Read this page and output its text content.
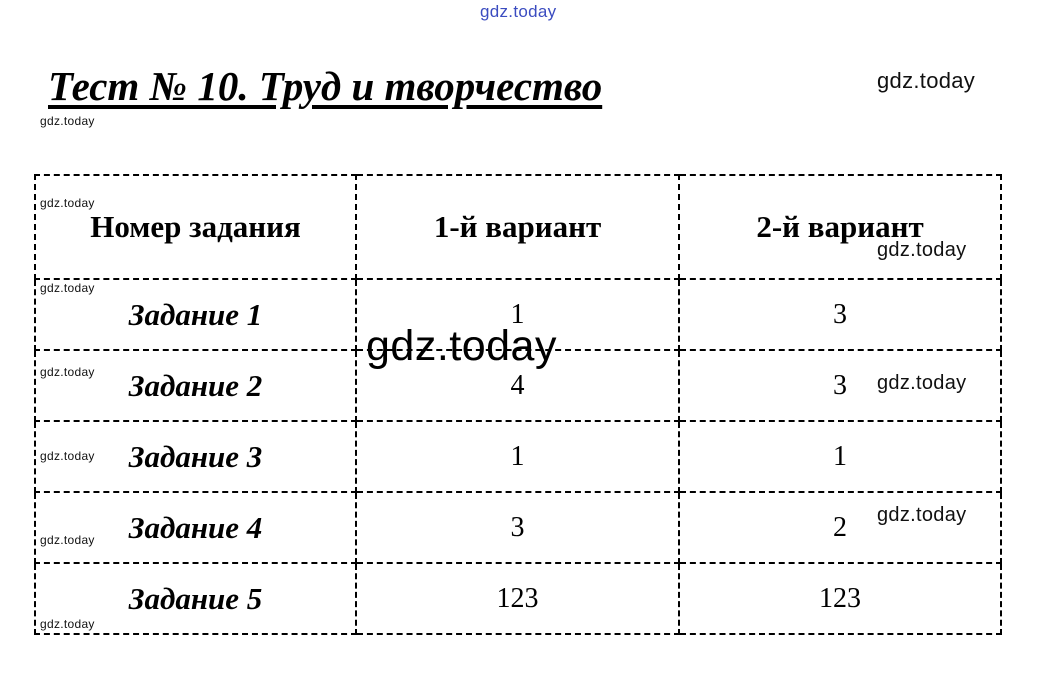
gdz.today
Тест № 10. Труд и творчество	gdz.today
gdz.today
Номер задания	1-й вариант	2-й вариант
Задание 1	1	3
Задание 2	4	3
Задание 3	1	1
Задание 4	3	2
Задание 5	123	123
gdz.today
gdz.today
gdz.today
gdz.today
gdz.today	gdz.today
gdz.today
gdz.today
gdz.today
gdz.today
